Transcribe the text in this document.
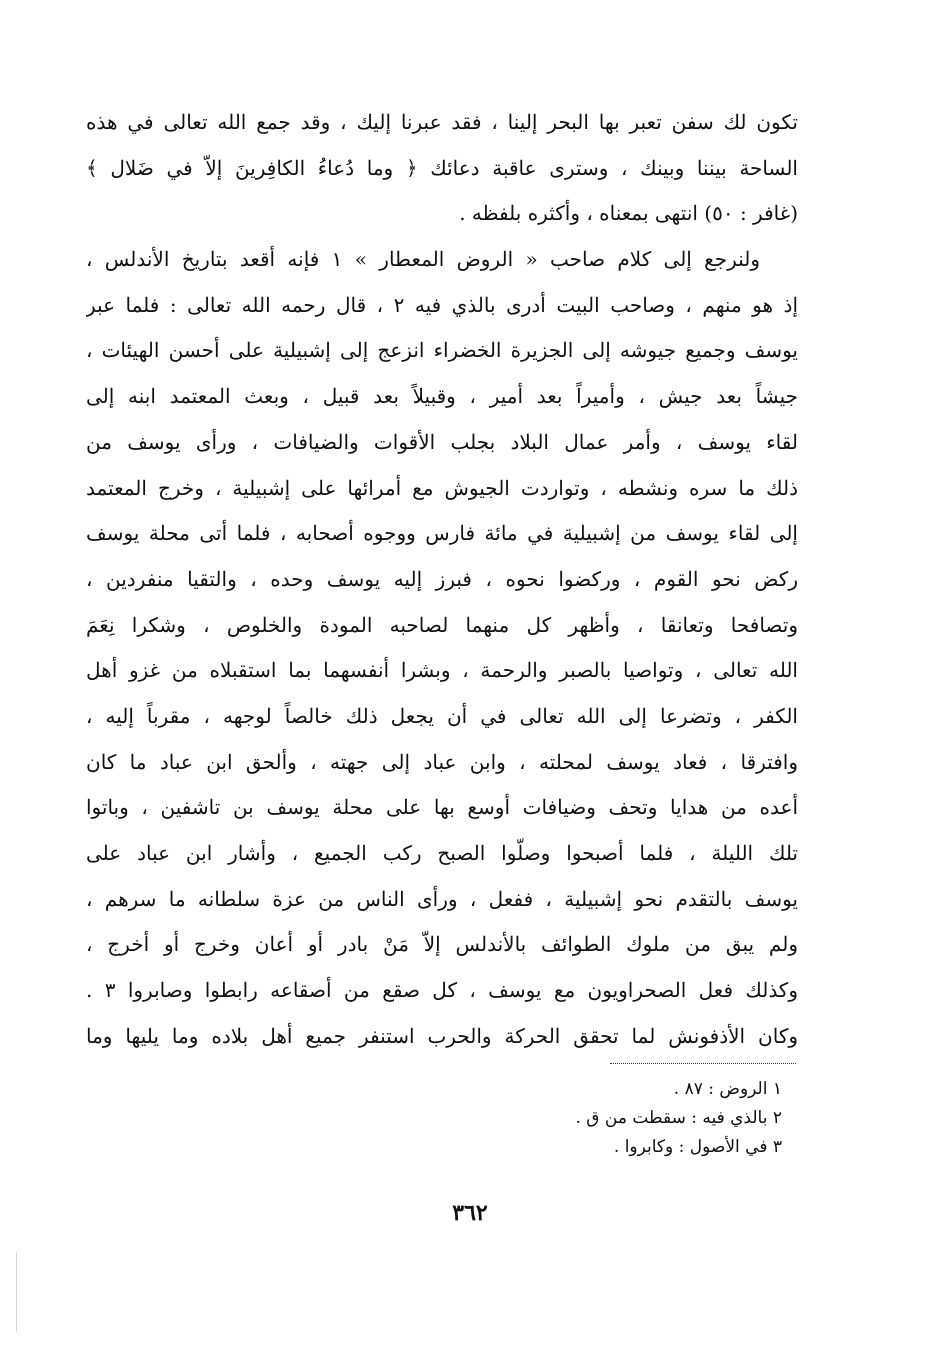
تكون لك سفن تعبر بها البحر إلينا ، فقد عبرنا إليك ، وقد جمع الله تعالى في هذه
الساحة بيننا وبينك ، وسترى عاقبة دعائك ﴿ وما دُعاءُ الكافِرينَ إلاّ في ضَلال ﴾
(غافر : ٥٠) انتهى بمعناه ، وأكثره بلفظه .
ولنرجع إلى كلام صاحب « الروض المعطار » ١ فإنه أقعد بتاريخ الأندلس ،
إذ هو منهم ، وصاحب البيت أدرى بالذي فيه ٢ ، قال رحمه الله تعالى : فلما عبر
يوسف وجميع جيوشه إلى الجزيرة الخضراء انزعج إلى إشبيلية على أحسن الهيئات ،
جيشاً بعد جيش ، وأميراً بعد أمير ، وقبيلاً بعد قبيل ، وبعث المعتمد ابنه إلى
لقاء يوسف ، وأمر عمال البلاد بجلب الأقوات والضيافات ، ورأى يوسف من
ذلك ما سره ونشطه ، وتواردت الجيوش مع أمرائها على إشبيلية ، وخرج المعتمد
إلى لقاء يوسف من إشبيلية في مائة فارس ووجوه أصحابه ، فلما أتى محلة يوسف
ركض نحو القوم ، وركضوا نحوه ، فبرز إليه يوسف وحده ، والتقيا منفردين ،
وتصافحا وتعانقا ، وأظهر كل منهما لصاحبه المودة والخلوص ، وشكرا نِعَمَ
الله تعالى ، وتواصيا بالصبر والرحمة ، وبشرا أنفسهما بما استقبلاه من غزو أهل
الكفر ، وتضرعا إلى الله تعالى في أن يجعل ذلك خالصاً لوجهه ، مقرباً إليه ،
وافترقا ، فعاد يوسف لمحلته ، وابن عباد إلى جهته ، وألحق ابن عباد ما كان
أعده من هدايا وتحف وضيافات أوسع بها على محلة يوسف بن تاشفين ، وباتوا
تلك الليلة ، فلما أصبحوا وصلّوا الصبح ركب الجميع ، وأشار ابن عباد على
يوسف بالتقدم نحو إشبيلية ، ففعل ، ورأى الناس من عزة سلطانه ما سرهم ،
ولم يبق من ملوك الطوائف بالأندلس إلاّ مَنْ بادر أو أعان وخرج أو أخرج ،
وكذلك فعل الصحراويون مع يوسف ، كل صقع من أصقاعه رابطوا وصابروا ٣ .
وكان الأذفونش لما تحقق الحركة والحرب استنفر جميع أهل بلاده وما يليها وما
١ الروض : ٨٧ .
٢ بالذي فيه : سقطت من ق .
٣ في الأصول : وكابروا .
٣٦٢
